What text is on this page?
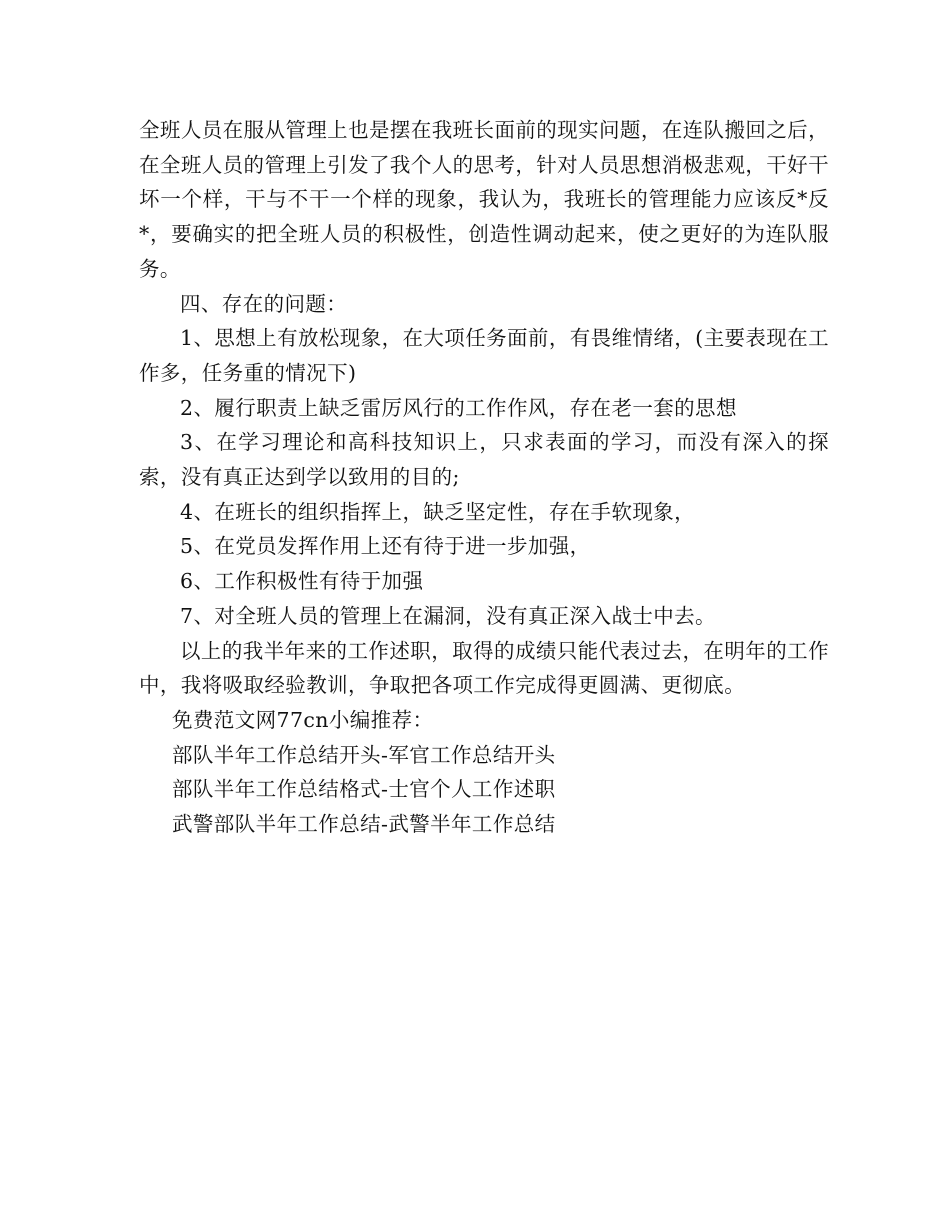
全班人员在服从管理上也是摆在我班长面前的现实问题，在连队搬回之后，在全班人员的管理上引发了我个人的思考，针对人员思想消极悲观，干好干坏一个样，干与不干一个样的现象，我认为，我班长的管理能力应该反*反*，要确实的把全班人员的积极性，创造性调动起来，使之更好的为连队服务。

四、存在的问题：

1、思想上有放松现象，在大项任务面前，有畏维情绪，(主要表现在工作多，任务重的情况下)

2、履行职责上缺乏雷厉风行的工作作风，存在老一套的思想

3、在学习理论和高科技知识上，只求表面的学习，而没有深入的探索，没有真正达到学以致用的目的;

4、在班长的组织指挥上，缺乏坚定性，存在手软现象，

5、在党员发挥作用上还有待于进一步加强，

6、工作积极性有待于加强

7、对全班人员的管理上在漏洞，没有真正深入战士中去。

以上的我半年来的工作述职，取得的成绩只能代表过去，在明年的工作中，我将吸取经验教训，争取把各项工作完成得更圆满、更彻底。

免费范文网77cn小编推荐：

部队半年工作总结开头-军官工作总结开头

部队半年工作总结格式-士官个人工作述职

武警部队半年工作总结-武警半年工作总结
